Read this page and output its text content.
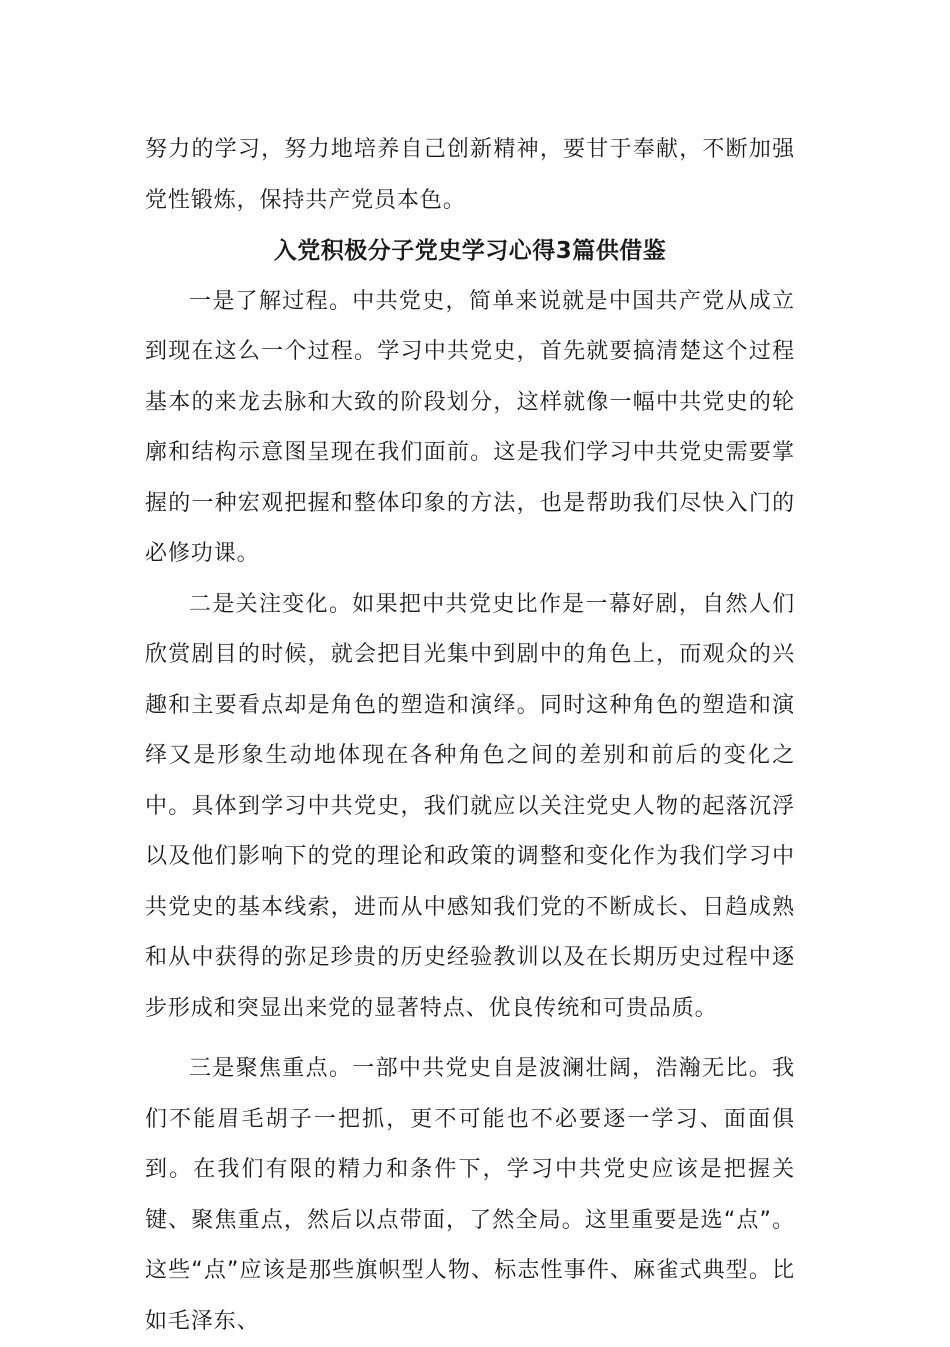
努力的学习，努力地培养自己创新精神，要甘于奉献，不断加强党性锻炼，保持共产党员本色。

入党积极分子党史学习心得3篇供借鉴

一是了解过程。中共党史，简单来说就是中国共产党从成立到现在这么一个过程。学习中共党史，首先就要搞清楚这个过程基本的来龙去脉和大致的阶段划分，这样就像一幅中共党史的轮廓和结构示意图呈现在我们面前。这是我们学习中共党史需要掌握的一种宏观把握和整体印象的方法，也是帮助我们尽快入门的必修功课。

二是关注变化。如果把中共党史比作是一幕好剧，自然人们欣赏剧目的时候，就会把目光集中到剧中的角色上，而观众的兴趣和主要看点却是角色的塑造和演绎。同时这种角色的塑造和演绎又是形象生动地体现在各种角色之间的差别和前后的变化之中。具体到学习中共党史，我们就应以关注党史人物的起落沉浮以及他们影响下的党的理论和政策的调整和变化作为我们学习中共党史的基本线索，进而从中感知我们党的不断成长、日趋成熟和从中获得的弥足珍贵的历史经验教训以及在长期历史过程中逐步形成和突显出来党的显著特点、优良传统和可贵品质。

三是聚焦重点。一部中共党史自是波澜壮阔，浩瀚无比。我们不能眉毛胡子一把抓，更不可能也不必要逐一学习、面面俱到。在我们有限的精力和条件下，学习中共党史应该是把握关键、聚焦重点，然后以点带面，了然全局。这里重要是选“点”。这些“点”应该是那些旗帜型人物、标志性事件、麻雀式典型。比如毛泽东、
